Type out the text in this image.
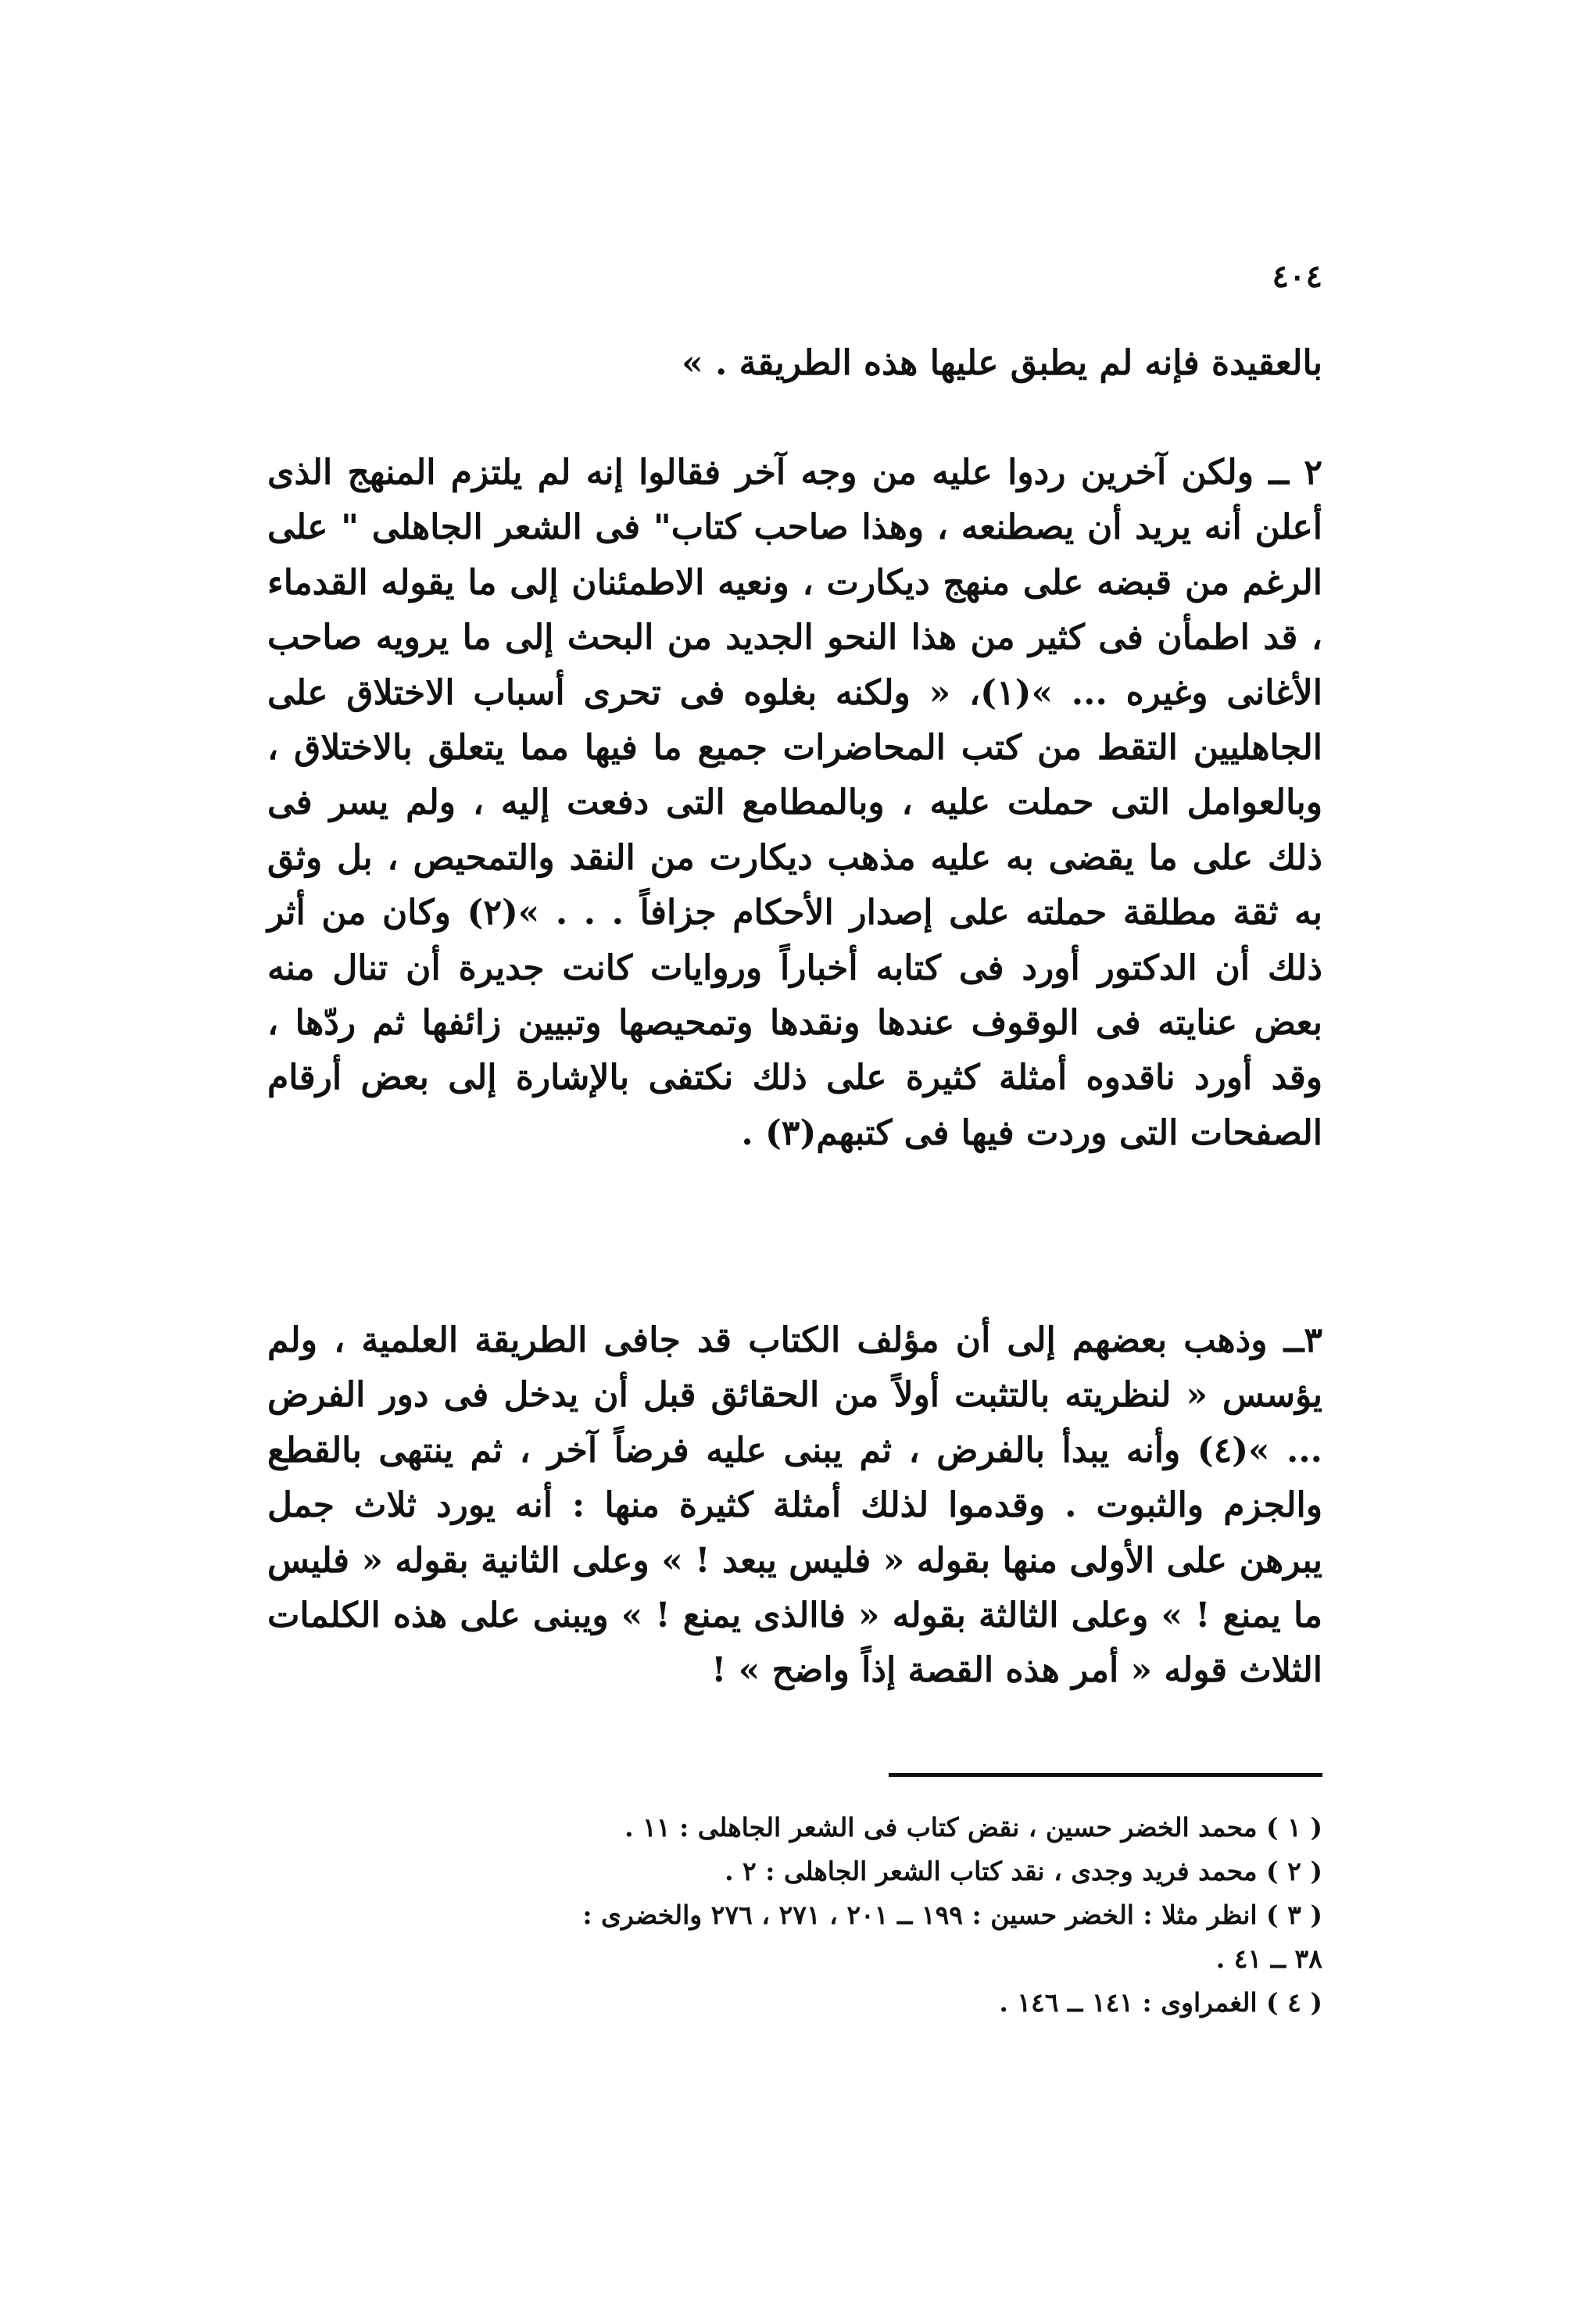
٤٠٤

بالعقيدة فإنه لم يطبق عليها هذه الطريقة . »

٢ ــ ولكن آخرين ردوا عليه من وجه آخر فقالوا إنه لم يلتزم المنهج الذى أعلن أنه يريد أن يصطنعه ، وهذا صاحب كتاب" فى الشعر الجاهلى " على الرغم من قبضه على منهج ديكارت ، ونعيه الاطمئنان إلى ما يقوله القدماء ، قد اطمأن فى كثير من هذا النحو الجديد من البحث إلى ما يرويه صاحب الأغانى وغيره ... »(١)، « ولكنه بغلوه فى تحرى أسباب الاختلاق على الجاهليين التقط من كتب المحاضرات جميع ما فيها مما يتعلق بالاختلاق ، وبالعوامل التى حملت عليه ، وبالمطامع التى دفعت إليه ، ولم يسر فى ذلك على ما يقضى به عليه مذهب ديكارت من النقد والتمحيص ، بل وثق به ثقة مطلقة حملته على إصدار الأحكام جزافاً . . . »(٢) وكان من أثر ذلك أن الدكتور أورد فى كتابه أخباراً وروايات كانت جديرة أن تنال منه بعض عنايته فى الوقوف عندها ونقدها وتمحيصها وتبيين زائفها ثم ردّها ، وقد أورد ناقدوه أمثلة كثيرة على ذلك نكتفى بالإشارة إلى بعض أرقام الصفحات التى وردت فيها فى كتبهم(٣) .

٣ــ وذهب بعضهم إلى أن مؤلف الكتاب قد جافى الطريقة العلمية ، ولم يؤسس « لنظريته بالتثبت أولاً من الحقائق قبل أن يدخل فى دور الفرض ... »(٤) وأنه يبدأ بالفرض ، ثم يبنى عليه فرضاً آخر ، ثم ينتهى بالقطع والجزم والثبوت . وقدموا لذلك أمثلة كثيرة منها : أنه يورد ثلاث جمل يبرهن على الأولى منها بقوله « فليس يبعد ! » وعلى الثانية بقوله « فليس ما يمنع ! » وعلى الثالثة بقوله « فاالذى يمنع ! » ويبنى على هذه الكلمات الثلاث قوله « أمر هذه القصة إذاً واضح » !

( ١ ) محمد الخضر حسين ، نقض كتاب فى الشعر الجاهلى : ١١ .
( ٢ ) محمد فريد وجدى ، نقد كتاب الشعر الجاهلى : ٢ .
( ٣ ) انظر مثلا : الخضر حسين : ١٩٩ ــ ٢٠١ ، ٢٧١ ، ٢٧٦ والخضرى :
٣٨ ــ ٤١ .
( ٤ ) الغمراوى : ١٤١ ــ ١٤٦ .
